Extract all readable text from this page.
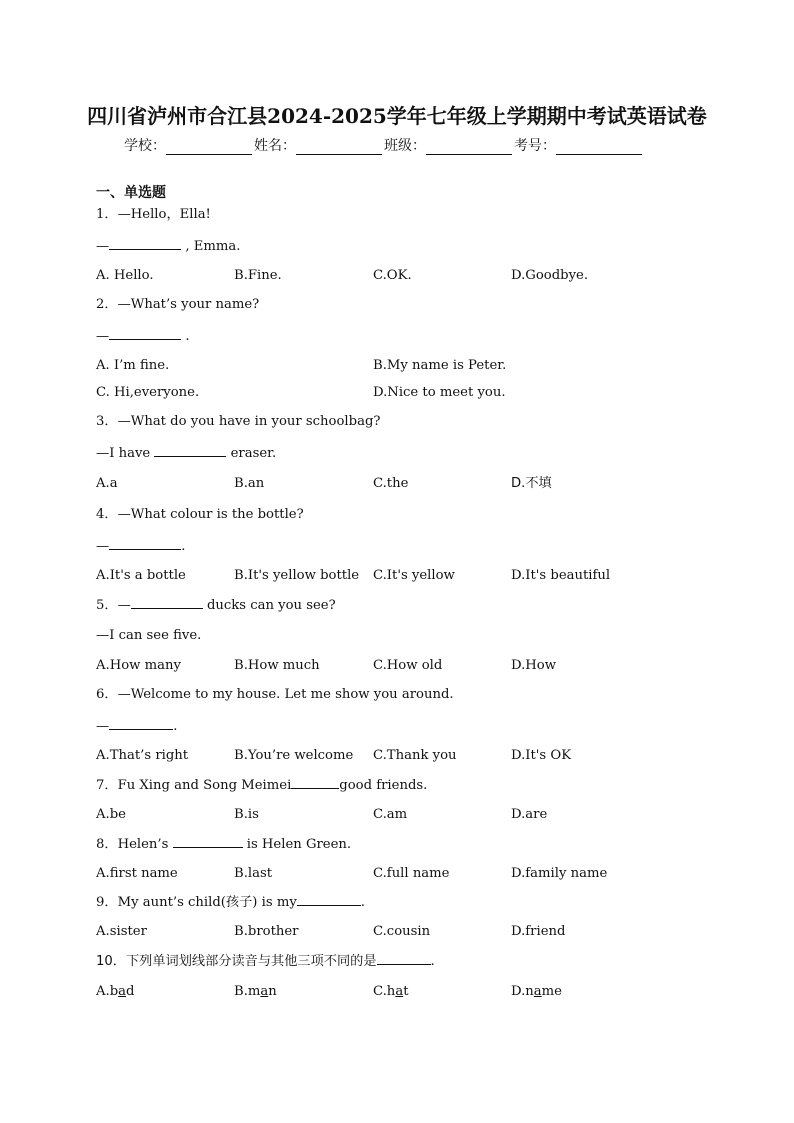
四川省泸州市合江县2024-2025学年七年级上学期期中考试英语试卷
学校：	姓名：	班级：	考号：
一、单选题
1．—Hello，Ella!
—	, Emma.
A. Hello.	B.Fine.	C.OK.	D.Goodbye.
2．—What’s your name?
—	.
A. I’m fine.	B.My name is Peter.
C. Hi,everyone.	D.Nice to meet you.
3．—What do you have in your schoolbag?
—I have	eraser.
A.a	B.an	C.the	D.不填
4．—What colour is the bottle?
—	.
A.It's a bottle	B.It's yellow bottle C.It's yellow	D.It's beautiful
5．—	ducks can you see?
—I can see five.
A.How many	B.How much	C.How old	D.How
6．—Welcome to my house. Let me show you around.
—	.
A.That’s right	B.You’re welcome C.Thank you	D.It's OK
7．Fu Xing and Song Meimei	good friends.
A.be	B.is	C.am	D.are
8．Helen’s	is Helen Green.
A.first name	B.last	C.full name	D.family name
9．My aunt’s child(孩子) is my	.
A.sister	B.brother	C.cousin	D.friend
10．下列单词划线部分读音与其他三项不同的是	.
A.bad	B.man	C.hat	D.name
